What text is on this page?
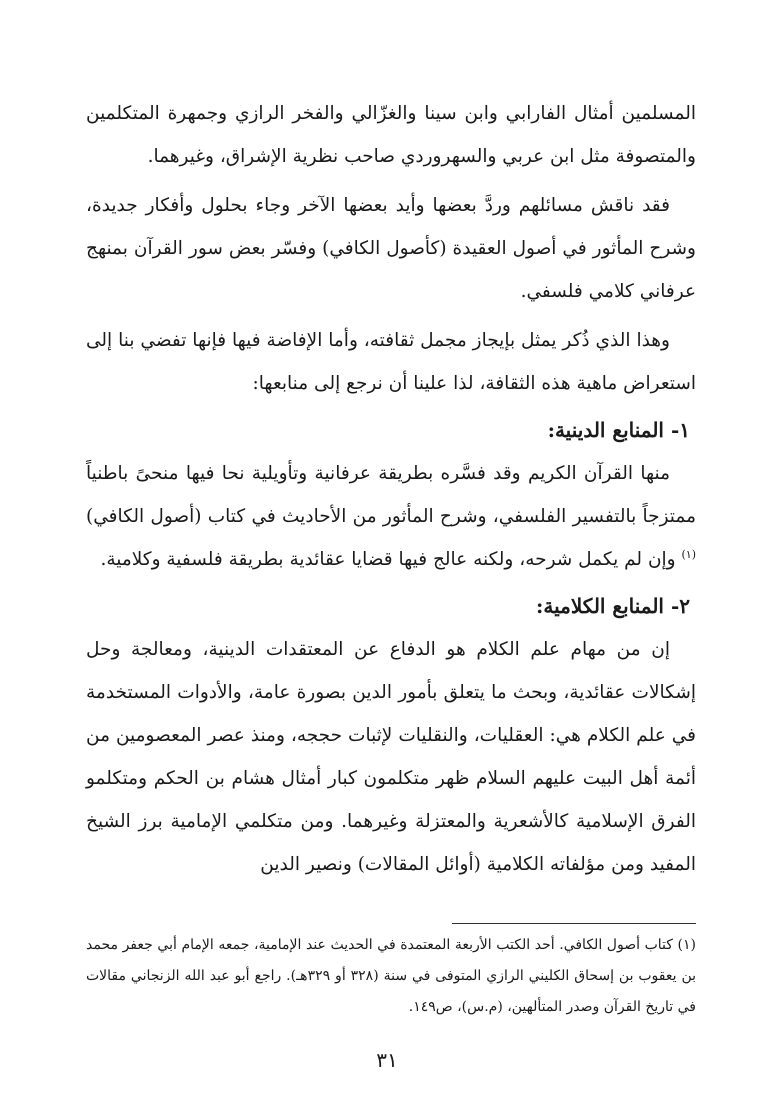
المسلمين أمثال الفارابي وابن سينا والغزّالي والفخر الرازي وجمهرة المتكلمين والمتصوفة مثل ابن عربي والسهروردي صاحب نظرية الإشراق، وغيرهما.

فقد ناقش مسائلهم وردَّ بعضها وأيد بعضها الآخر وجاء بحلول وأفكار جديدة، وشرح المأثور في أصول العقيدة (كأصول الكافي) وفسّر بعض سور القرآن بمنهج عرفاني كلامي فلسفي.

وهذا الذي ذُكر يمثل بإيجاز مجمل ثقافته، وأما الإفاضة فيها فإنها تفضي بنا إلى استعراض ماهية هذه الثقافة، لذا علينا أن نرجع إلى منابعها:

١- المنابع الدينية:

منها القرآن الكريم وقد فسَّره بطريقة عرفانية وتأويلية نحا فيها منحىً باطنياً ممتزجاً بالتفسير الفلسفي، وشرح المأثور من الأحاديث في كتاب (أصول الكافي)$^{(١)}$ وإن لم يكمل شرحه، ولكنه عالج فيها قضايا عقائدية بطريقة فلسفية وكلامية.

٢- المنابع الكلامية:

إن من مهام علم الكلام هو الدفاع عن المعتقدات الدينية، ومعالجة وحل إشكالات عقائدية، وبحث ما يتعلق بأمور الدين بصورة عامة، والأدوات المستخدمة في علم الكلام هي: العقليات، والنقليات لإثبات حججه، ومنذ عصر المعصومين من أئمة أهل البيت عليهم السلام ظهر متكلمون كبار أمثال هشام بن الحكم ومتكلمو الفرق الإسلامية كالأشعرية والمعتزلة وغيرهما. ومن متكلمي الإمامية برز الشيخ المفيد ومن مؤلفاته الكلامية (أوائل المقالات) ونصير الدين

(١) كتاب أصول الكافي. أحد الكتب الأربعة المعتمدة في الحديث عند الإمامية، جمعه الإمام أبي جعفر محمد بن يعقوب بن إسحاق الكليني الرازي المتوفى في سنة (٣٢٨ أو ٣٢٩هـ). راجع أبو عبد الله الزنجاني مقالات في تاريخ القرآن وصدر المتألهين، (م.س)، ص١٤٩.

٣١
